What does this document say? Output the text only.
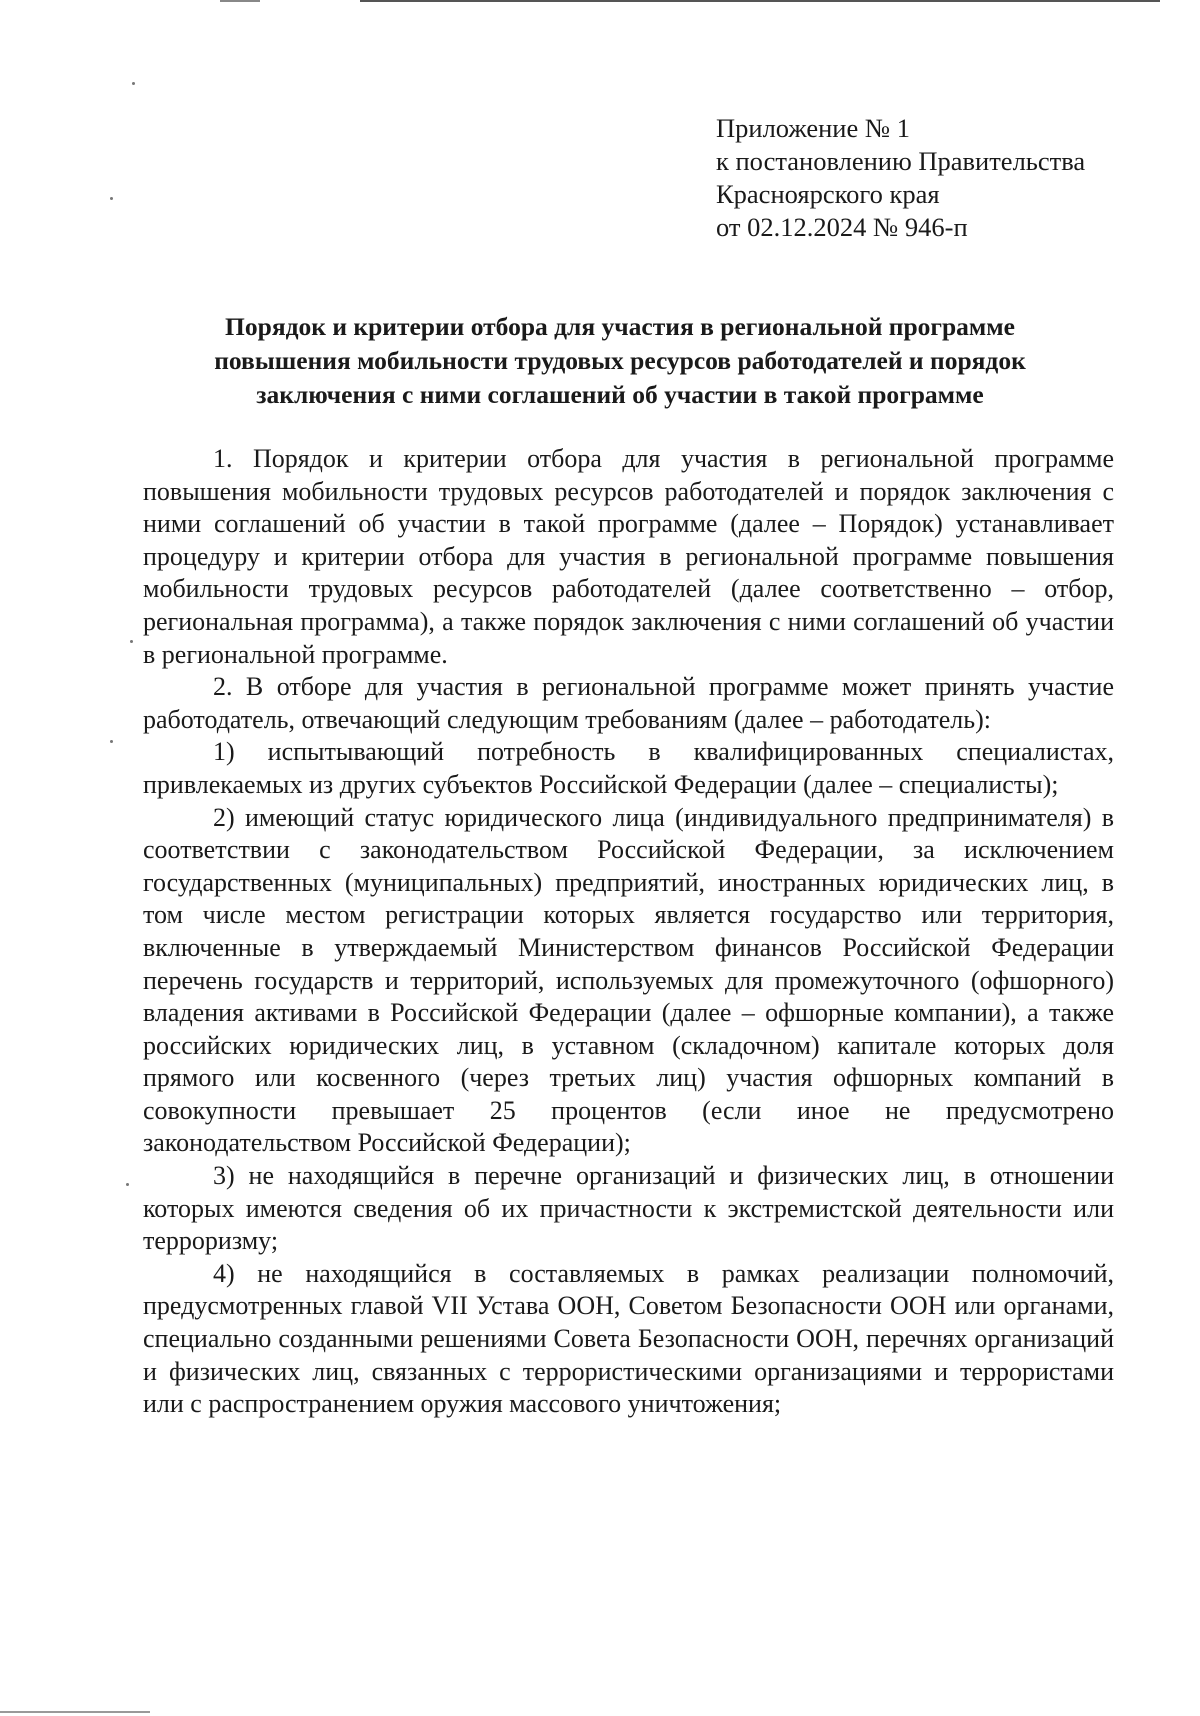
Приложение № 1
к постановлению Правительства
Красноярского края
от 02.12.2024 № 946-п
Порядок и критерии отбора для участия в региональной программе
повышения мобильности трудовых ресурсов работодателей и порядок
заключения с ними соглашений об участии в такой программе

1. Порядок и критерии отбора для участия в региональной программе повышения мобильности трудовых ресурсов работодателей и порядок заключения с ними соглашений об участии в такой программе (далее – Порядок) устанавливает процедуру и критерии отбора для участия в региональной программе повышения мобильности трудовых ресурсов работодателей (далее соответственно – отбор, региональная программа), а также порядок заключения с ними соглашений об участии в региональной программе.

2. В отборе для участия в региональной программе может принять участие работодатель, отвечающий следующим требованиям (далее – работодатель):

1) испытывающий потребность в квалифицированных специалистах, привлекаемых из других субъектов Российской Федерации (далее – специалисты);

2) имеющий статус юридического лица (индивидуального предпринимателя) в соответствии с законодательством Российской Федерации, за исключением государственных (муниципальных) предприятий, иностранных юридических лиц, в том числе местом регистрации которых является государство или территория, включенные в утверждаемый Министерством финансов Российской Федерации перечень государств и территорий, используемых для промежуточного (офшорного) владения активами в Российской Федерации (далее – офшорные компании), а также российских юридических лиц, в уставном (складочном) капитале которых доля прямого или косвенного (через третьих лиц) участия офшорных компаний в совокупности превышает 25 процентов (если иное не предусмотрено законодательством Российской Федерации);

3) не находящийся в перечне организаций и физических лиц, в отношении которых имеются сведения об их причастности к экстремистской деятельности или терроризму;

4) не находящийся в составляемых в рамках реализации полномочий, предусмотренных главой VII Устава ООН, Советом Безопасности ООН или органами, специально созданными решениями Совета Безопасности ООН, перечнях организаций и физических лиц, связанных с террористическими организациями и террористами или с распространением оружия массового уничтожения;
